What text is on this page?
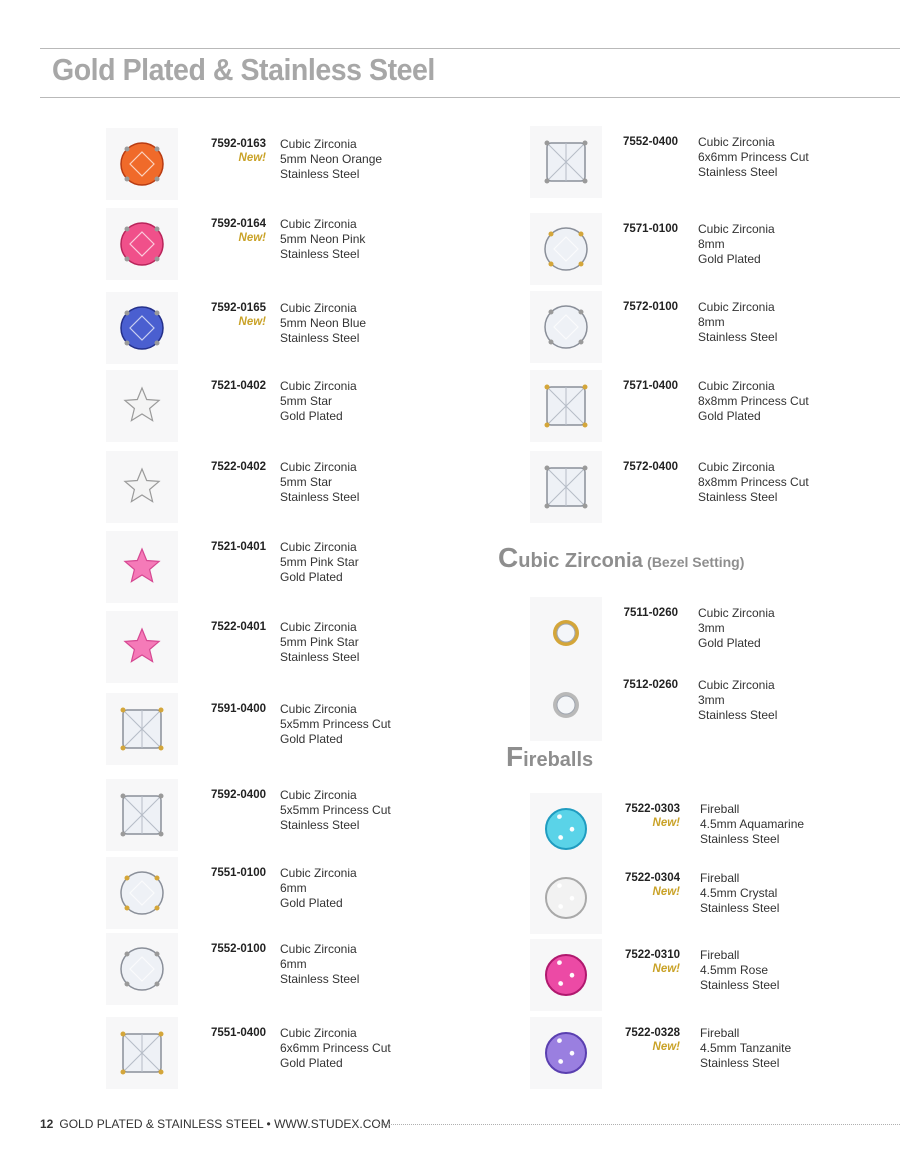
Gold Plated & Stainless Steel
7592-0163
New!
Cubic Zirconia
5mm Neon Orange
Stainless Steel
7592-0164
New!
Cubic Zirconia
5mm Neon Pink
Stainless Steel
7592-0165
New!
Cubic Zirconia
5mm Neon Blue
Stainless Steel
7521-0402 Cubic Zirconia
5mm Star
Gold Plated
7522-0402 Cubic Zirconia
5mm Star
Stainless Steel
7521-0401 Cubic Zirconia
5mm Pink Star
Gold Plated
7522-0401 Cubic Zirconia
5mm Pink Star
Stainless Steel
7591-0400 Cubic Zirconia
5x5mm Princess Cut
Gold Plated
7592-0400 Cubic Zirconia
5x5mm Princess Cut
Stainless Steel
7551-0100 Cubic Zirconia
6mm
Gold Plated
7552-0100 Cubic Zirconia
6mm
Stainless Steel
7551-0400 Cubic Zirconia
6x6mm Princess Cut
Gold Plated
7552-0400 Cubic Zirconia
6x6mm Princess Cut
Stainless Steel
7571-0100 Cubic Zirconia
8mm
Gold Plated
7572-0100 Cubic Zirconia
8mm
Stainless Steel
7571-0400 Cubic Zirconia
8x8mm Princess Cut
Gold Plated
7572-0400 Cubic Zirconia
8x8mm Princess Cut
Stainless Steel
7511-0260 Cubic Zirconia
3mm
Gold Plated
7512-0260 Cubic Zirconia
3mm
Stainless Steel
7522-0303
New!
Fireball
4.5mm Aquamarine
Stainless Steel
7522-0304
New!
Fireball
4.5mm Crystal
Stainless Steel
7522-0310
New!
Fireball
4.5mm Rose
Stainless Steel
7522-0328
New!
Fireball
4.5mm Tanzanite
Stainless Steel
Cubic Zirconia (Bezel Setting)
Fireballs
12 GOLD PLATED & STAINLESS STEEL • WWW.STUDEX.COM
